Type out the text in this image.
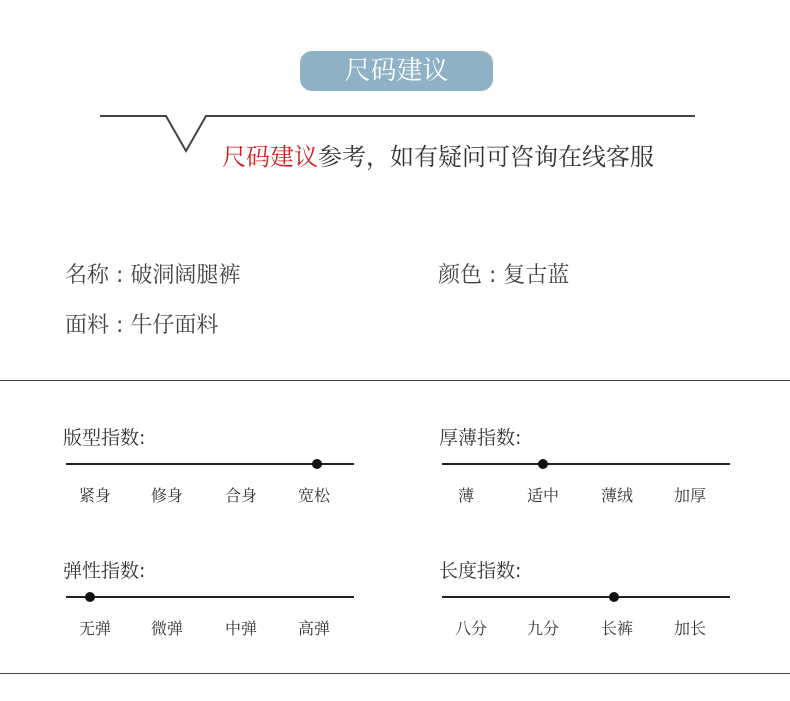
尺码建议
尺码建议参考，如有疑问可咨询在线客服
名称 : 破洞阔腿裤	颜色 : 复古蓝
面料 : 牛仔面料
版型指数:
紧身	修身	合身	宽松
厚薄指数:
薄	适中	薄绒	加厚
弹性指数:
无弹	微弹	中弹	高弹
长度指数:
八分	九分	长裤	加长
